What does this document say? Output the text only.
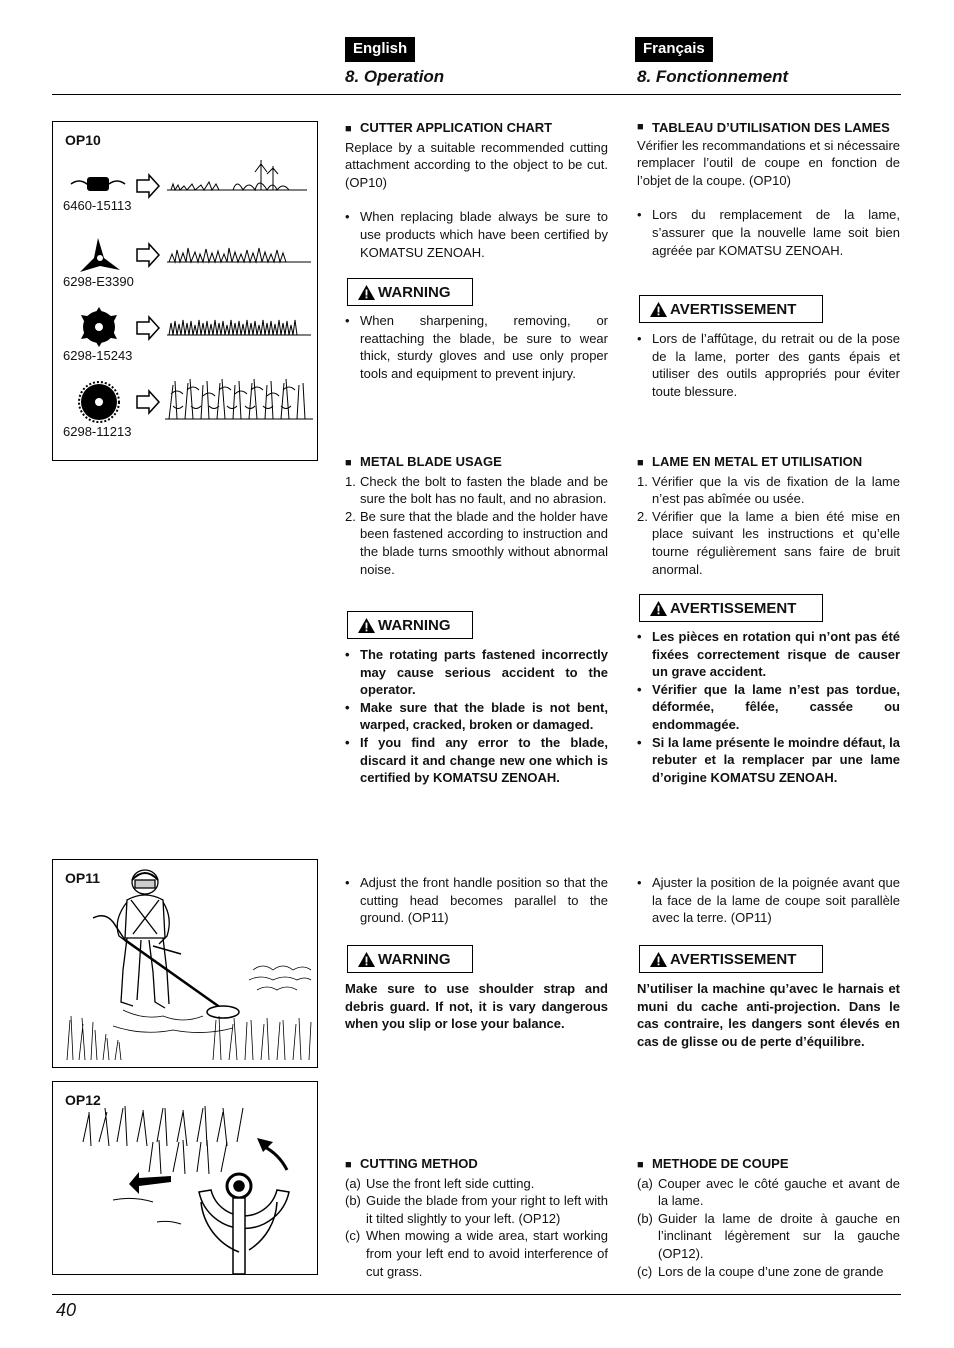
English	Français
8. Operation	8. Fonctionnement
OP10
6460-15113
6298-E3390
6298-15243
6298-11213

■ CUTTER APPLICATION CHART

Replace by a suitable recommended cutting attachment according to the object to be cut. (OP10)

• When replacing blade always be sure to use products which have been certified by KOMATSU ZENOAH.
WARNING
• When sharpening, removing, or reattaching the blade, be sure to wear thick, sturdy gloves and use only proper tools and equipment to prevent injury.

■ METAL BLADE USAGE

1. Check the bolt to fasten the blade and be sure the bolt has no fault, and no abrasion.
2. Be sure that the blade and the holder have been fastened according to instruction and the blade turns smoothly without abnormal noise.
WARNING
• The rotating parts fastened incorrectly may cause serious accident to the operator.
• Make sure that the blade is not bent, warped, cracked, broken or damaged.
• If you find any error to the blade, discard it and change new one which is certified by KOMATSU ZENOAH.
■ TABLEAU D’UTILISATION DES LAMES

Vérifier les recommandations et si nécessaire remplacer l’outil de coupe en fonction de l’objet de la coupe. (OP10)

• Lors du remplacement de la lame, s’assurer que la nouvelle lame soit bien agréée par KOMATSU ZENOAH.
AVERTISSEMENT
• Lors de l’affûtage, du retrait ou de la pose de la lame, porter des gants épais et utiliser des outils appropriés pour éviter toute blessure.

■ LAME EN METAL ET UTILISATION

1. Vérifier que la vis de fixation de la lame n’est pas abîmée ou usée.
2. Vérifier que la lame a bien été mise en place suivant les instructions et qu’elle tourne régulièrement sans faire de bruit anormal.
AVERTISSEMENT
• Les pièces en rotation qui n’ont pas été fixées correctement risque de causer un grave accident.
• Vérifier que la lame n’est pas tordue, déformée, fêlée, cassée ou endommagée.
• Si la lame présente le moindre défaut, la rebuter et la remplacer par une lame d’origine KOMATSU ZENOAH.
OP11
OP12
• Adjust the front handle position so that the cutting head becomes parallel to the ground. (OP11)
WARNING

Make sure to use shoulder strap and debris guard. If not, it is vary dangerous when you slip or lose your balance.

• Ajuster la position de la poignée avant que la face de la lame de coupe soit parallèle avec la terre. (OP11)
AVERTISSEMENT

N’utiliser la machine qu’avec le harnais et muni du cache anti-projection. Dans le cas contraire, les dangers sont élevés en cas de glisse ou de perte d’équilibre.

■ CUTTING METHOD

(a) Use the front left side cutting.
(b) Guide the blade from your right to left with it tilted slightly to your left. (OP12)
(c) When mowing a wide area, start working from your left end to avoid interference of cut grass.

■ METHODE DE COUPE

(a) Couper avec le côté gauche et avant de la lame.
(b) Guider la lame de droite à gauche en l’inclinant légèrement sur la gauche (OP12).
(c) Lors de la coupe d’une zone de grande
40
